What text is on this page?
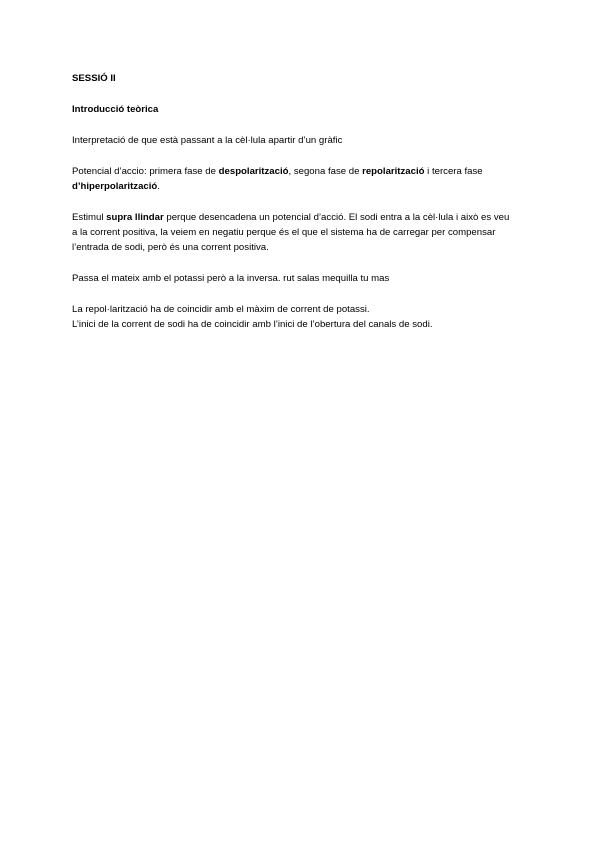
SESSIÓ II

Introducció teòrica

Interpretació de que està passant a la cèl·lula apartir d’un gràfic

Potencial d’accio: primera fase de despolarització, segona fase de repolarització i tercera fase
d’hiperpolarització.

Estimul supra llindar perque desencadena un potencial d’acció. El sodi entra a la cèl·lula i això es veu
a la corrent positiva, la veiem en negatiu perque és el que el sistema ha de carregar per compensar
l’entrada de sodi, però és una corrent positiva.

Passa el mateix amb el potassi però a la inversa. rut salas mequilla tu mas

La repol·larització ha de coincidir amb el màxim de corrent de potassi.
L’inici de la corrent de sodi ha de coincidir amb l’inici de l’obertura del canals de sodi.
